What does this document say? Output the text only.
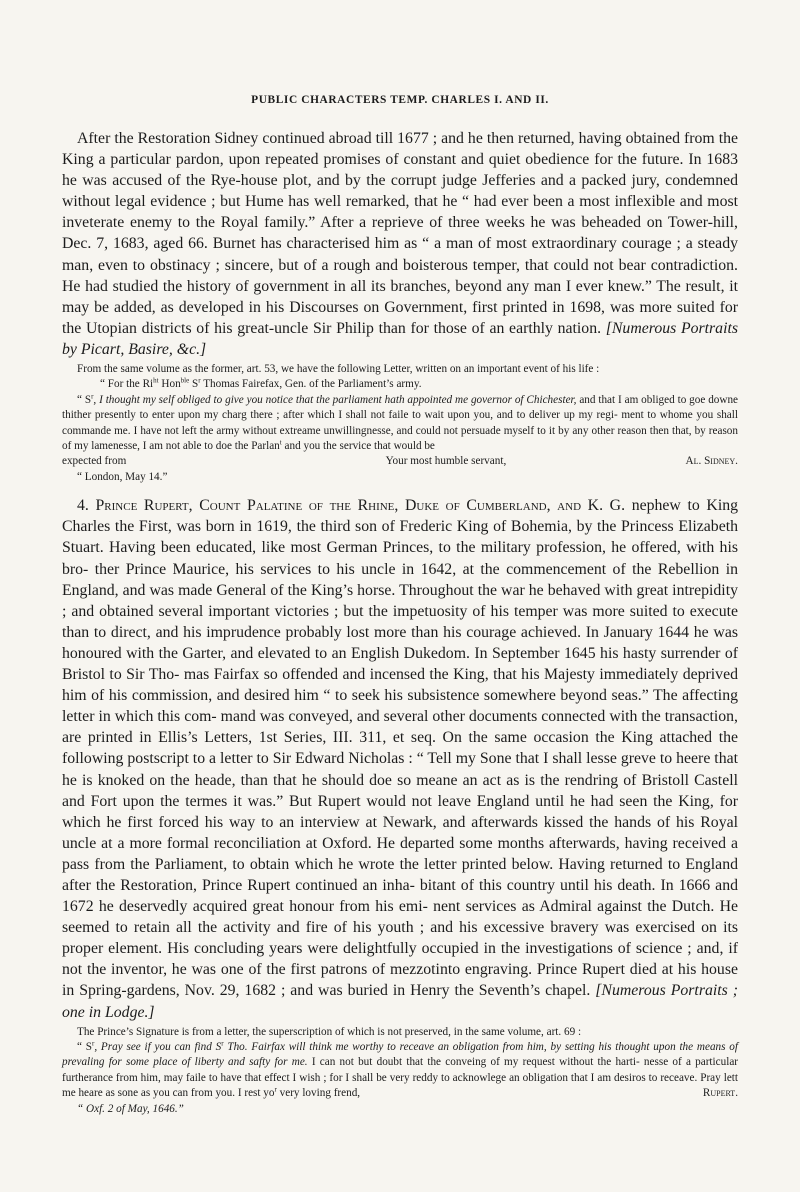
PUBLIC CHARACTERS TEMP. CHARLES I. AND II.

After the Restoration Sidney continued abroad till 1677 ; and he then returned, having obtained from the King a particular pardon, upon repeated promises of constant and quiet obedience for the future. In 1683 he was accused of the Rye-house plot, and by the corrupt judge Jefferies and a packed jury, condemned without legal evidence ; but Hume has well remarked, that he “ had ever been a most inflexible and most inveterate enemy to the Royal family.” After a reprieve of three weeks he was beheaded on Tower-hill, Dec. 7, 1683, aged 66. Burnet has characterised him as “ a man of most extraordinary courage ; a steady man, even to obstinacy ; sincere, but of a rough and boisterous temper, that could not bear contradiction. He had studied the history of government in all its branches, beyond any man I ever knew.” The result, it may be added, as developed in his Discourses on Government, first printed in 1698, was more suited for the Utopian districts of his great-uncle Sir Philip than for those of an earthly nation. [Numerous Portraits by Picart, Basire, &c.]

From the same volume as the former, art. 53, we have the following Letter, written on an important event of his life :

“ For the $Ri^{ht}$ Hon$^{ble}$ $S^r$ Thomas Fairefax, Gen. of the Parliament’s army.

“ $S^r$, I thought my self obliged to give you notice that the parliament hath appointed me governor of Chichester, and that I am obliged to goe downe thither presently to enter upon my charg there ; after which I shall not faile to wait upon you, and to deliver up my regi- ment to whome you shall commande me. I have not left the army without extreame unwillingnesse, and could not persuade myself to it by any other reason then that, by reason of my lamenesse, I am not able to doe the Parlan$^t$ and you the service that would be

expected from	Your most humble servant,	Al. Sidney.

“ London, May 14.”

4. Prince Rupert, Count Palatine of the Rhine, Duke of Cumberland, and K. G. nephew to King Charles the First, was born in 1619, the third son of Frederic King of Bohemia, by the Princess Elizabeth Stuart. Having been educated, like most German Princes, to the military profession, he offered, with his bro- ther Prince Maurice, his services to his uncle in 1642, at the commencement of the Rebellion in England, and was made General of the King’s horse. Throughout the war he behaved with great intrepidity ; and obtained several important victories ; but the impetuosity of his temper was more suited to execute than to direct, and his imprudence probably lost more than his courage achieved. In January 1644 he was honoured with the Garter, and elevated to an English Dukedom. In September 1645 his hasty surrender of Bristol to Sir Tho- mas Fairfax so offended and incensed the King, that his Majesty immediately deprived him of his commission, and desired him “ to seek his subsistence somewhere beyond seas.” The affecting letter in which this com- mand was conveyed, and several other documents connected with the transaction, are printed in Ellis’s Letters, 1st Series, III. 311, et seq. On the same occasion the King attached the following postscript to a letter to Sir Edward Nicholas : “ Tell my Sone that I shall lesse greve to heere that he is knoked on the heade, than that he should doe so meane an act as is the rendring of Bristoll Castell and Fort upon the termes it was.” But Rupert would not leave England until he had seen the King, for which he first forced his way to an interview at Newark, and afterwards kissed the hands of his Royal uncle at a more formal reconciliation at Oxford. He departed some months afterwards, having received a pass from the Parliament, to obtain which he wrote the letter printed below. Having returned to England after the Restoration, Prince Rupert continued an inha- bitant of this country until his death. In 1666 and 1672 he deservedly acquired great honour from his emi- nent services as Admiral against the Dutch. He seemed to retain all the activity and fire of his youth ; and his excessive bravery was exercised on its proper element. His concluding years were delightfully occupied in the investigations of science ; and, if not the inventor, he was one of the first patrons of mezzotinto engraving. Prince Rupert died at his house in Spring-gardens, Nov. 29, 1682 ; and was buried in Henry the Seventh’s chapel. [Numerous Portraits ; one in Lodge.]

The Prince’s Signature is from a letter, the superscription of which is not preserved, in the same volume, art. 69 :

“ $S^r$, Pray see if you can find $S^r$ Tho. Fairfax will think me worthy to receave an obligation from him, by setting his thought upon the means of prevaling for some place of liberty and safty for me. I can not but doubt that the conveing of my request without the harti- nesse of a particular furtherance from him, may faile to have that effect I wish ; for I shall be very reddy to acknowlege an obligation that I am desiros to receave. Pray lett me heare as sone as you can from you. I rest $yo^r$ very loving frend,	Rupert.

“ Oxf. 2 of May, 1646.”
